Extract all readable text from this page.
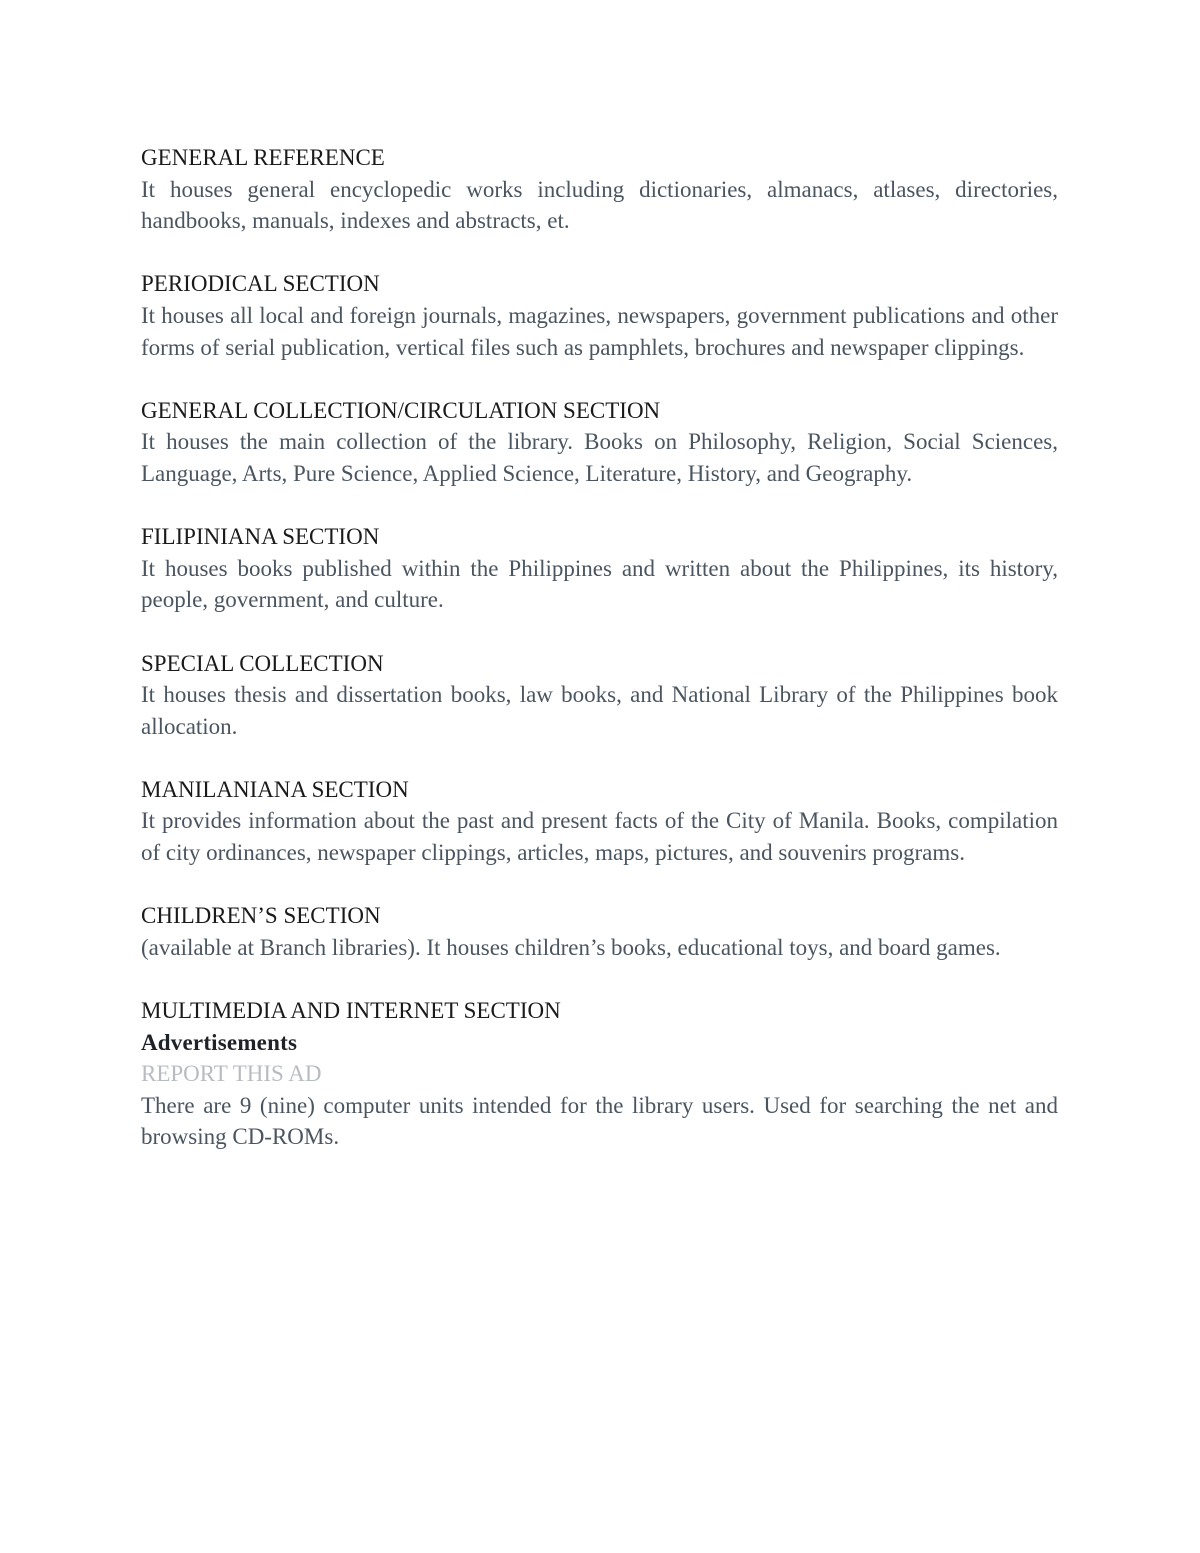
GENERAL REFERENCE
It houses general encyclopedic works including dictionaries, almanacs, atlases, directories, handbooks, manuals, indexes and abstracts, et.
PERIODICAL SECTION
It houses all local and foreign journals, magazines, newspapers, government publications and other forms of serial publication, vertical files such as pamphlets, brochures and newspaper clippings.
GENERAL COLLECTION/CIRCULATION SECTION
It houses the main collection of the library. Books on Philosophy, Religion, Social Sciences, Language, Arts, Pure Science, Applied Science, Literature, History, and Geography.
FILIPINIANA SECTION
It houses books published within the Philippines and written about the Philippines, its history, people, government, and culture.
SPECIAL COLLECTION
It houses thesis and dissertation books, law books, and National Library of the Philippines book allocation.
MANILANIANA SECTION
It provides information about the past and present facts of the City of Manila. Books, compilation of city ordinances, newspaper clippings, articles, maps, pictures, and souvenirs programs.
CHILDREN’S SECTION
(available at Branch libraries). It houses children’s books, educational toys, and board games.
MULTIMEDIA AND INTERNET SECTION
Advertisements
REPORT THIS AD
There are 9 (nine) computer units intended for the library users. Used for searching the net and browsing CD-ROMs.
